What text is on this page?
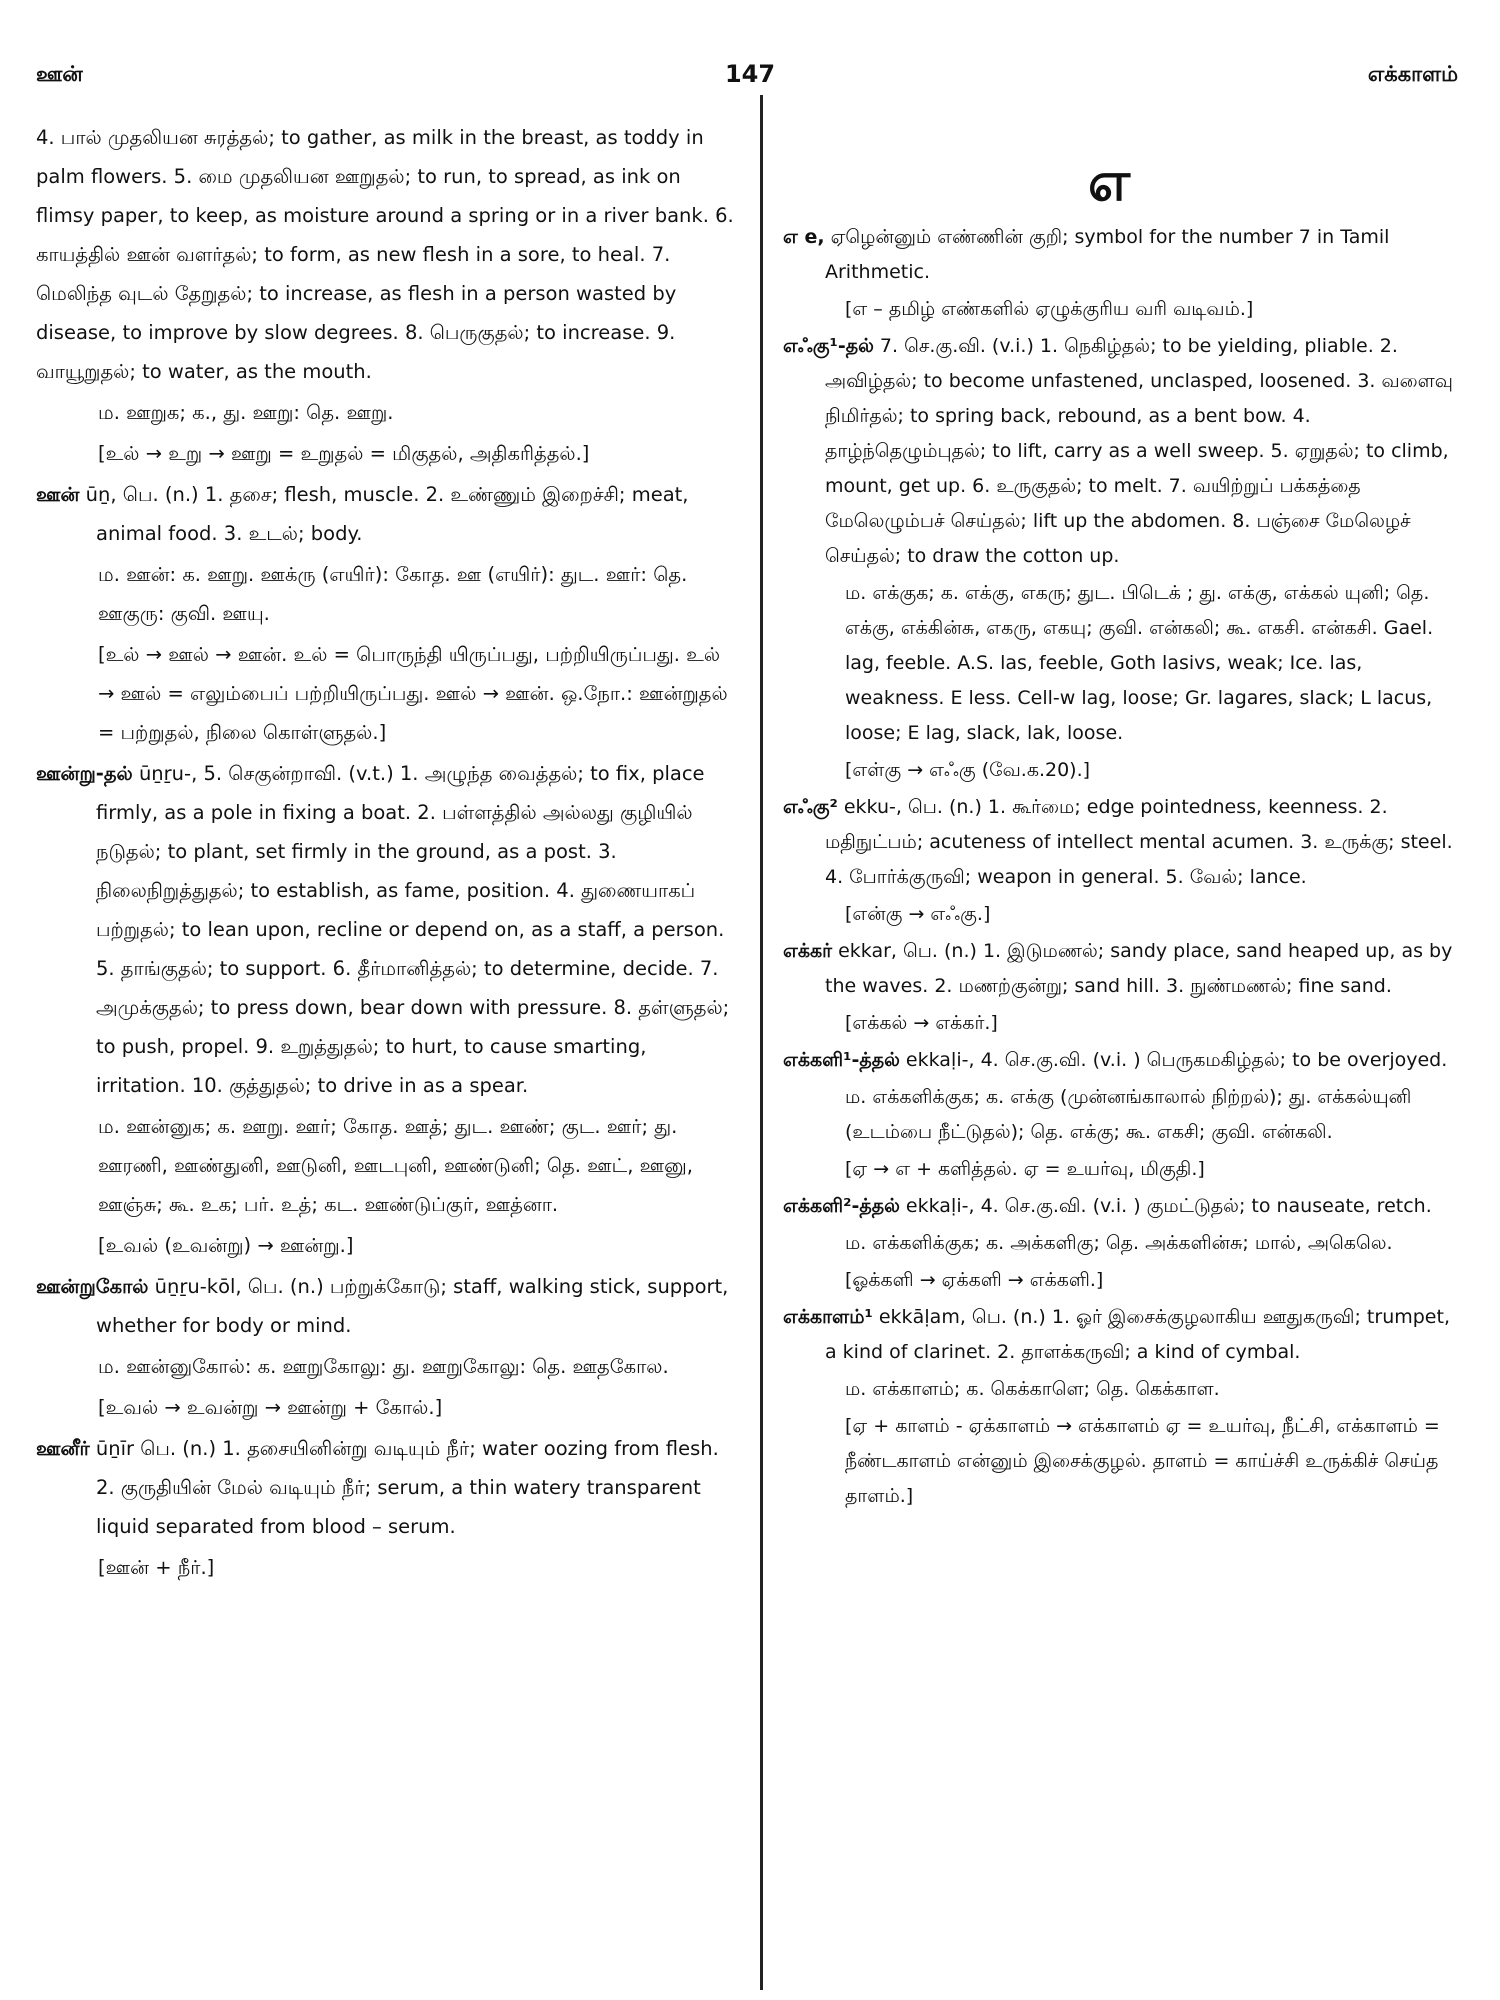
ஊன்	147	எக்காளம்
எ

4. பால் முதலியன சுரத்தல்; to gather, as milk in the breast, as toddy in palm flowers. 5. மை முதலியன ஊறுதல்; to run, to spread, as ink on flimsy paper, to keep, as moisture around a spring or in a river bank. 6. காயத்தில் ஊன் வளர்தல்; to form, as new flesh in a sore, to heal. 7. மெலிந்த வுடல் தேறுதல்; to increase, as flesh in a person wasted by disease, to improve by slow degrees. 8. பெருகுதல்; to increase. 9. வாயூறுதல்; to water, as the mouth.

ம. ஊறுக; க., து. ஊறு: தெ. ஊறு.

[உல் → உறு → ஊறு = உறுதல் = மிகுதல், அதிகரித்தல்.]

ஊன் ūṉ, பெ. (n.) 1. தசை; flesh, muscle. 2. உண்ணும் இறைச்சி; meat, animal food. 3. உடல்; body.

ம. ஊன்: க. ஊறு. ஊக்ரு (எயிர்): கோத. ஊ (எயிர்): துட. ஊர்: தெ. ஊகுரு: குவி. ஊயு.

[உல் → ஊல் → ஊன். உல் = பொருந்தி யிருப்பது, பற்றியிருப்பது. உல் → ஊல் = எலும்பைப் பற்றியிருப்பது. ஊல் → ஊன். ஒ.நோ.: ஊன்றுதல் = பற்றுதல், நிலை கொள்ளுதல்.]

ஊன்று-தல் ūṉṟu-, 5. செகுன்றாவி. (v.t.) 1. அழுந்த வைத்தல்; to fix, place firmly, as a pole in fixing a boat. 2. பள்ளத்தில் அல்லது குழியில் நடுதல்; to plant, set firmly in the ground, as a post. 3. நிலைநிறுத்துதல்; to establish, as fame, position. 4. துணையாகப் பற்றுதல்; to lean upon, recline or depend on, as a staff, a person. 5. தாங்குதல்; to support. 6. தீர்மானித்தல்; to determine, decide. 7. அமுக்குதல்; to press down, bear down with pressure. 8. தள்ளுதல்; to push, propel. 9. உறுத்துதல்; to hurt, to cause smarting, irritation. 10. குத்துதல்; to drive in as a spear.

ம. ஊன்னுக; க. ஊறு. ஊர்; கோத. ஊத்; துட. ஊண்; குட. ஊர்; து. ஊரணி, ஊண்துனி, ஊடுனி, ஊடபுனி, ஊண்டுனி; தெ. ஊட், ஊனு, ஊஞ்சு; கூ. உக; பர். உத்; கட. ஊண்டுப்குர், ஊத்னா.

[உவல் (உவன்று) → ஊன்று.]

ஊன்றுகோல் ūṉṟu-kōl, பெ. (n.) பற்றுக்கோடு; staff, walking stick, support, whether for body or mind.

ம. ஊன்னுகோல்: க. ஊறுகோலு: து. ஊறுகோலு: தெ. ஊதகோல.

[உவல் → உவன்று → ஊன்று + கோல்.]

ஊனீர் ūṉīr பெ. (n.) 1. தசையினின்று வடியும் நீர்; water oozing from flesh. 2. குருதியின் மேல் வடியும் நீர்; serum, a thin watery transparent liquid separated from blood – serum.

[ஊன் + நீர்.]

எ e, ஏழென்னும் எண்ணின் குறி; symbol for the number 7 in Tamil Arithmetic.

[எ – தமிழ் எண்களில் ஏழுக்குரிய வரி வடிவம்.]

எஃகு¹-தல் 7. செ.கு.வி. (v.i.) 1. நெகிழ்தல்; to be yielding, pliable. 2. அவிழ்தல்; to become unfastened, unclasped, loosened. 3. வளைவு நிமிர்தல்; to spring back, rebound, as a bent bow. 4. தாழ்ந்தெழும்புதல்; to lift, carry as a well sweep. 5. ஏறுதல்; to climb, mount, get up. 6. உருகுதல்; to melt. 7. வயிற்றுப் பக்கத்தை மேலெழும்பச் செய்தல்; lift up the abdomen. 8. பஞ்சை மேலெழச் செய்தல்; to draw the cotton up.

ம. எக்குக; க. எக்கு, எகரு; துட. பிடெக் ; து. எக்கு, எக்கல் யுனி; தெ. எக்கு, எக்கின்சு, எகரு, எகயு; குவி. என்கலி; கூ. எகசி. என்கசி. Gael. lag, feeble. A.S. las, feeble, Goth lasivs, weak; Ice. las, weakness. E less. Cell-w lag, loose; Gr. lagares, slack; L lacus, loose; E lag, slack, lak, loose.

[எள்கு → எஃகு (வே.க.20).]

எஃகு² ekku-, பெ. (n.) 1. கூர்மை; edge pointedness, keenness. 2. மதிநுட்பம்; acuteness of intellect mental acumen. 3. உருக்கு; steel. 4. போர்க்குருவி; weapon in general. 5. வேல்; lance.

[என்கு → எஃகு.]

எக்கர் ekkar, பெ. (n.) 1. இடுமணல்; sandy place, sand heaped up, as by the waves. 2. மணற்குன்று; sand hill. 3. நுண்மணல்; fine sand.

[எக்கல் → எக்கர்.]

எக்களி¹-த்தல் ekkaḷi-, 4. செ.கு.வி. (v.i. ) பெருகமகிழ்தல்; to be overjoyed.

ம. எக்களிக்குக; க. எக்கு (முன்னங்காலால் நிற்றல்); து. எக்கல்யுனி (உடம்பை நீட்டுதல்); தெ. எக்கு; கூ. எகசி; குவி. என்கலி.

[ஏ → எ + களித்தல். ஏ = உயர்வு, மிகுதி.]

எக்களி²-த்தல் ekkaḷi-, 4. செ.கு.வி. (v.i. ) குமட்டுதல்; to nauseate, retch.

ம. எக்களிக்குக; க. அக்களிகு; தெ. அக்களின்சு; மால், அகெலெ.

[ஓக்களி → ஏக்களி → எக்களி.]

எக்காளம்¹ ekkāḷam, பெ. (n.) 1. ஓர் இசைக்குழலாகிய ஊதுகருவி; trumpet, a kind of clarinet. 2. தாளக்கருவி; a kind of cymbal.

ம. எக்காளம்; க. கெக்காளெ; தெ. கெக்காள.

[ஏ + காளம் - ஏக்காளம் → எக்காளம் ஏ = உயர்வு, நீட்சி, எக்காளம் = நீண்டகாளம் என்னும் இசைக்குழல். தாளம் = காய்ச்சி உருக்கிச் செய்த தாளம்.]
